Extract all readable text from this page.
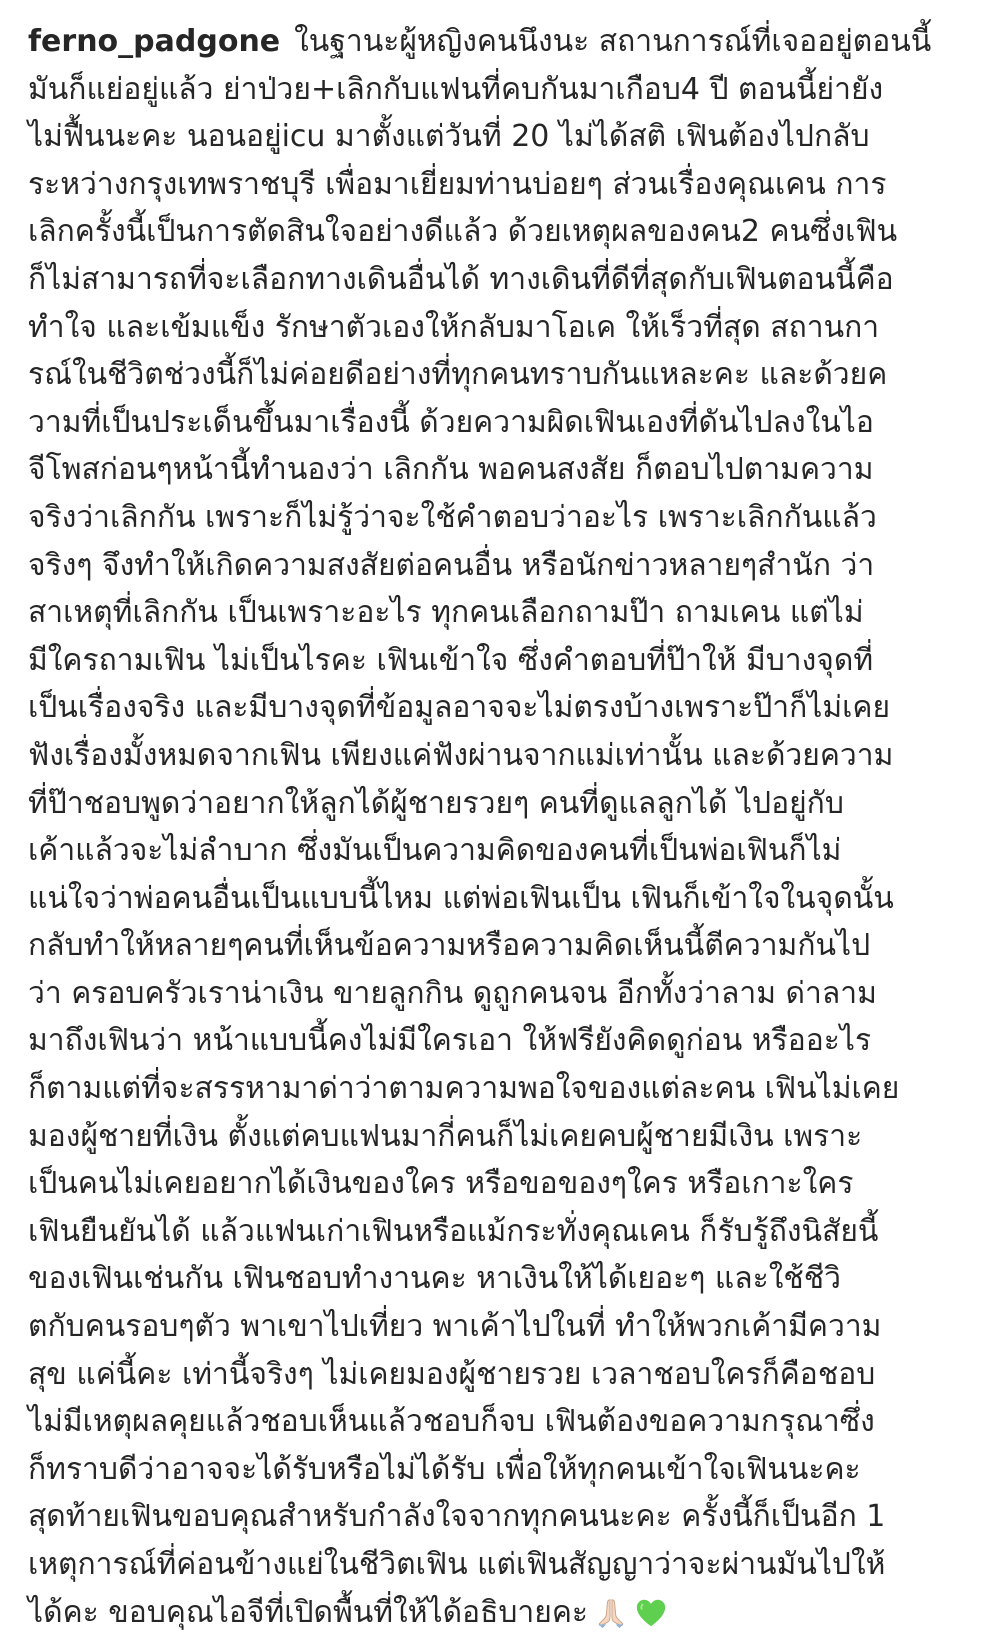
ferno_padgone ในฐานะผู้หญิงคนนึงนะ สถานการณ์ที่เจออยู่ตอนนี้
มันก็แย่อยู่แล้ว ย่าป่วย+เลิกกับแฟนที่คบกันมาเกือบ4 ปี ตอนนี้ย่ายัง
ไม่ฟื้นนะคะ นอนอยู่icu มาตั้งแต่วันที่ 20 ไม่ได้สติ เฟินต้องไปกลับ
ระหว่างกรุงเทพราชบุรี เพื่อมาเยี่ยมท่านบ่อยๆ ส่วนเรื่องคุณเคน การ
เลิกครั้งนี้เป็นการตัดสินใจอย่างดีแล้ว ด้วยเหตุผลของคน2 คนซึ่งเฟิน
ก็ไม่สามารถที่จะเลือกทางเดินอื่นได้ ทางเดินที่ดีที่สุดกับเฟินตอนนี้คือ
ทำใจ และเข้มแข็ง รักษาตัวเองให้กลับมาโอเค ให้เร็วที่สุด สถานกา
รณ์ในชีวิตช่วงนี้ก็ไม่ค่อยดีอย่างที่ทุกคนทราบกันแหละคะ และด้วยค
วามที่เป็นประเด็นขึ้นมาเรื่องนี้ ด้วยความผิดเฟินเองที่ดันไปลงในไอ
จีโพสก่อนๆหน้านี้ทำนองว่า เลิกกัน พอคนสงสัย ก็ตอบไปตามความ
จริงว่าเลิกกัน เพราะก็ไม่รู้ว่าจะใช้คำตอบว่าอะไร เพราะเลิกกันแล้ว
จริงๆ จึงทำให้เกิดความสงสัยต่อคนอื่น หรือนักข่าวหลายๆสำนัก ว่า
สาเหตุที่เลิกกัน เป็นเพราะอะไร ทุกคนเลือกถามป๊า ถามเคน แต่ไม่
มีใครถามเฟิน ไม่เป็นไรคะ เฟินเข้าใจ ซึ่งคำตอบที่ป๊าให้ มีบางจุดที่
เป็นเรื่องจริง และมีบางจุดที่ข้อมูลอาจจะไม่ตรงบ้างเพราะป๊าก็ไม่เคย
ฟังเรื่องมั้งหมดจากเฟิน เพียงแค่ฟังผ่านจากแม่เท่านั้น และด้วยความ
ที่ป๊าชอบพูดว่าอยากให้ลูกได้ผู้ชายรวยๆ คนที่ดูแลลูกได้ ไปอยู่กับ
เค้าแล้วจะไม่ลำบาก ซึ่งมันเป็นความคิดของคนที่เป็นพ่อเฟินก็ไม่
แน่ใจว่าพ่อคนอื่นเป็นแบบนี้ไหม แต่พ่อเฟินเป็น เฟินก็เข้าใจในจุดนั้น
กลับทำให้หลายๆคนที่เห็นข้อความหรือความคิดเห็นนี้ตีความกันไป
ว่า ครอบครัวเราน่าเงิน ขายลูกกิน ดูถูกคนจน อีกทั้งว่าลาม ด่าลาม
มาถึงเฟินว่า หน้าแบบนี้คงไม่มีใครเอา ให้ฟรียังคิดดูก่อน หรืออะไร
ก็ตามแต่ที่จะสรรหามาด่าว่าตามความพอใจของแต่ละคน เฟินไม่เคย
มองผู้ชายที่เงิน ตั้งแต่คบแฟนมากี่คนก็ไม่เคยคบผู้ชายมีเงิน เพราะ
เป็นคนไม่เคยอยากได้เงินของใคร หรือขอของๆใคร หรือเกาะใคร
เฟินยืนยันได้ แล้วแฟนเก่าเฟินหรือแม้กระทั่งคุณเคน ก็รับรู้ถึงนิสัยนี้
ของเฟินเช่นกัน เฟินชอบทำงานคะ หาเงินให้ได้เยอะๆ และใช้ชีวิ
ตกับคนรอบๆตัว พาเขาไปเที่ยว พาเค้าไปในที่ ทำให้พวกเค้ามีความ
สุข แค่นี้คะ เท่านี้จริงๆ ไม่เคยมองผู้ชายรวย เวลาชอบใครก็คือชอบ
ไม่มีเหตุผลคุยแล้วชอบเห็นแล้วชอบก็จบ เฟินต้องขอความกรุณาซึ่ง
ก็ทราบดีว่าอาจจะได้รับหรือไม่ได้รับ เพื่อให้ทุกคนเข้าใจเฟินนะคะ
สุดท้ายเฟินขอบคุณสำหรับกำลังใจจากทุกคนนะคะ ครั้งนี้ก็เป็นอีก 1
เหตุการณ์ที่ค่อนข้างแย่ในชีวิตเฟิน แต่เฟินสัญญาว่าจะผ่านมันไปให้
ได้คะ ขอบคุณไอจีที่เปิดพื้นที่ให้ได้อธิบายคะ
